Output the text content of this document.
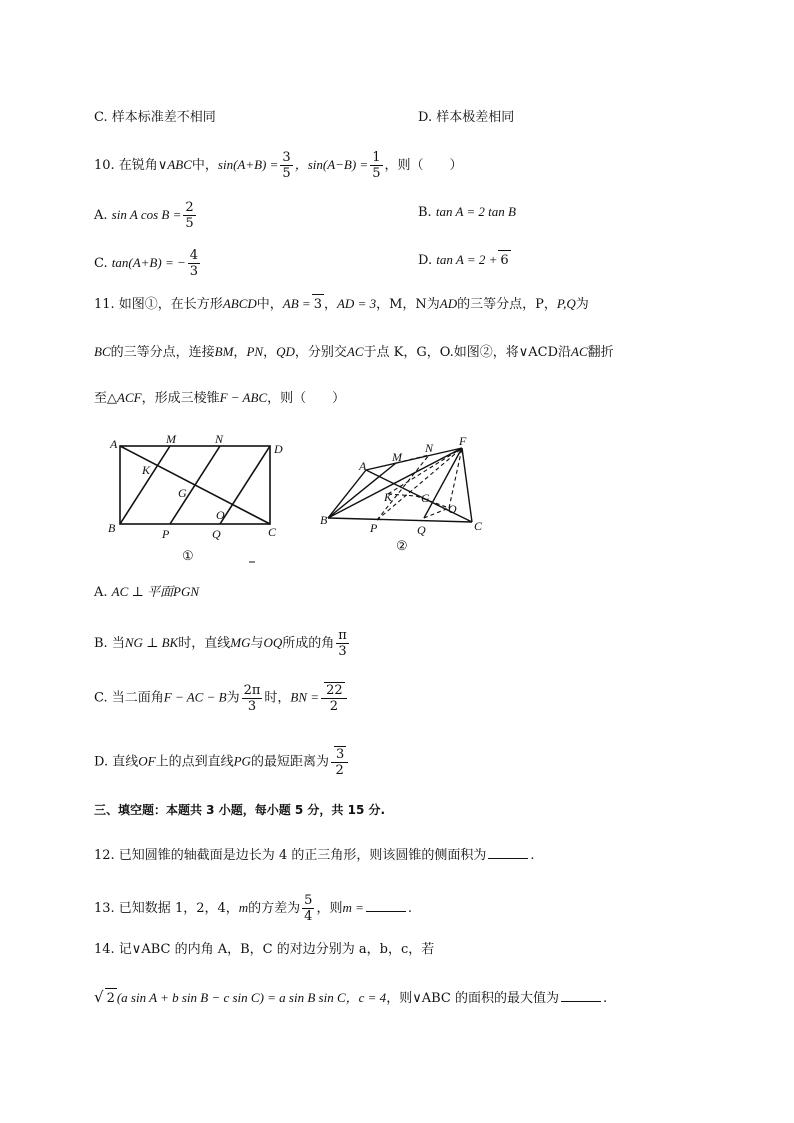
C. 样本标准差不相同	D. 样本极差相同
10. 在锐角∨ABC中，$\sin(A+B) = \frac{3}{5}$ ，$\sin(A-B) = \frac{1}{5}$ ，则（　　）
A. sin A $\cos B = \frac{2}{5}$	B. tan A = 2 tan B
C. tan(A+B) = − $\frac{4}{3}$	D. tan A = 2 + 6
11. 如图①，在长方形ABCD中，AB = 3 ，AD = 3，M，N为AD的三等分点，P，P,Q为
BC的三等分点，连接BM，PN，QD，分别交AC于点 K，G，O.如图②，将∨ACD沿AC翻折
至△ACF，形成三棱锥F − ABC，则（　　）
A	M	N
D
K
G
O
B	P	Q	C
①
B
A
M
N F
K G
O
P	Q	C
②
A. AC ⊥ 平面PGN
B. 当NG ⊥ BK时，直线MG与OQ所成的角 $\frac{\pi}{3}$
C. 当二面角F − AC − B为 $\frac{2\pi}{3}$ 时，BN = $\frac{22}{2}$
D. 直线OF上的点到直线PG的最短距离为 $\frac{3}{2}$
三、填空题：本题共 3 小题，每小题 5 分，共 15 分.
12. 已知圆锥的轴截面是边长为 4 的正三角形，则该圆锥的侧面积为	.
13. 已知数据 1，2，4，m的方差为 $\frac{5}{4}$ ，则m =	.
14. 记∨ABC 的内角 A，B，C 的对边分别为 a，b，c，若
√ 2 (a sin A + b sin B − c sin C) = a sin B sin C，c = 4，则∨ABC 的面积的最大值为	.
